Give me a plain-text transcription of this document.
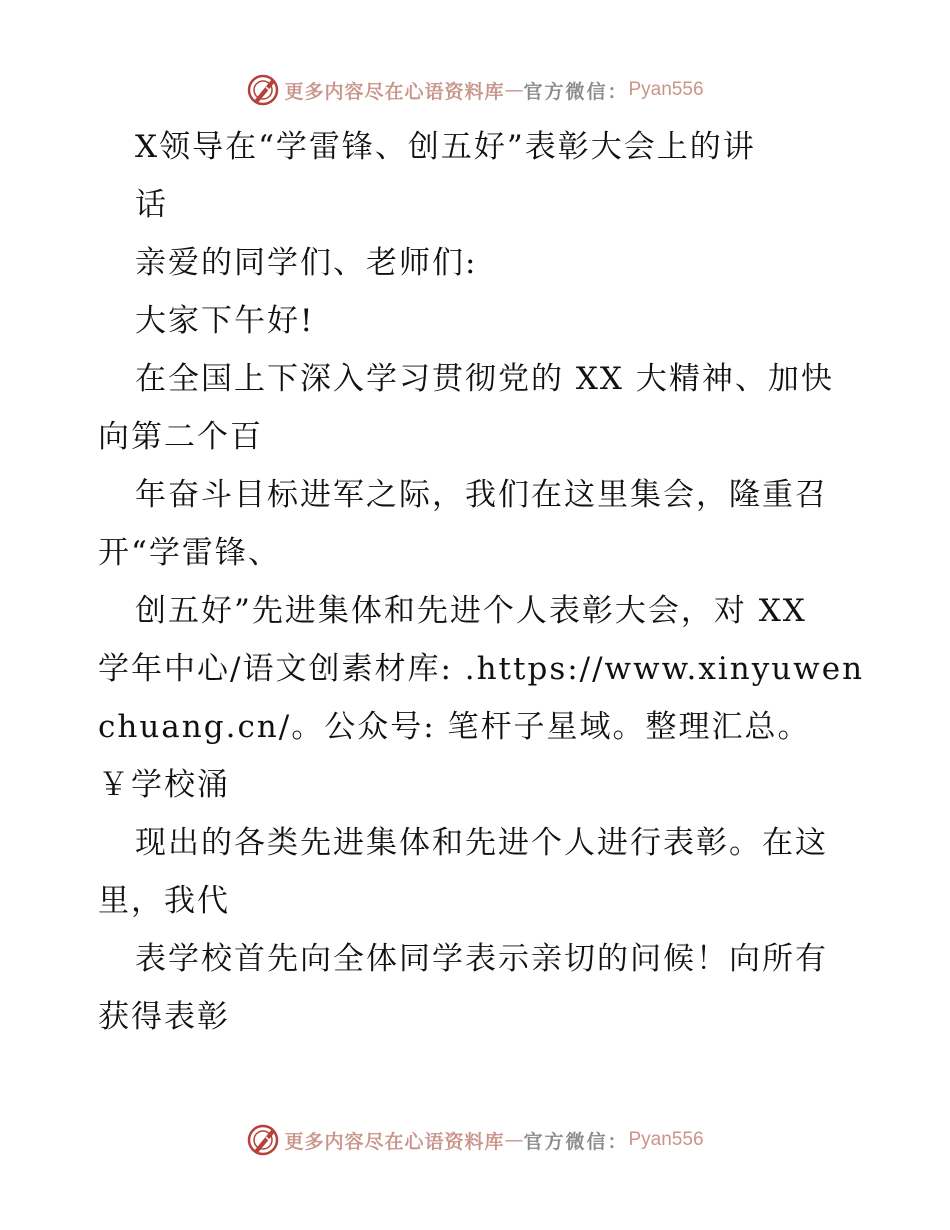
更多内容尽在心语资料库 — 官方微信： Pyan556
X领导在“学雷锋、创五好”表彰大会上的讲
话
亲爱的同学们、老师们:
大家下午好!
在全国上下深入学习贯彻党的 XX 大精神、加快
向第二个百
年奋斗目标进军之际，我们在这里集会，隆重召
开“学雷锋、
创五好”先进集体和先进个人表彰大会，对 XX
学年中心/语文创素材库: .https://www.xinyuwen
chuang.cn/。公众号: 笔杆子星域。整理汇总。
￥学校涌
现出的各类先进集体和先进个人进行表彰。在这
里，我代
表学校首先向全体同学表示亲切的问候！向所有
获得表彰
更多内容尽在心语资料库 — 官方微信： Pyan556
